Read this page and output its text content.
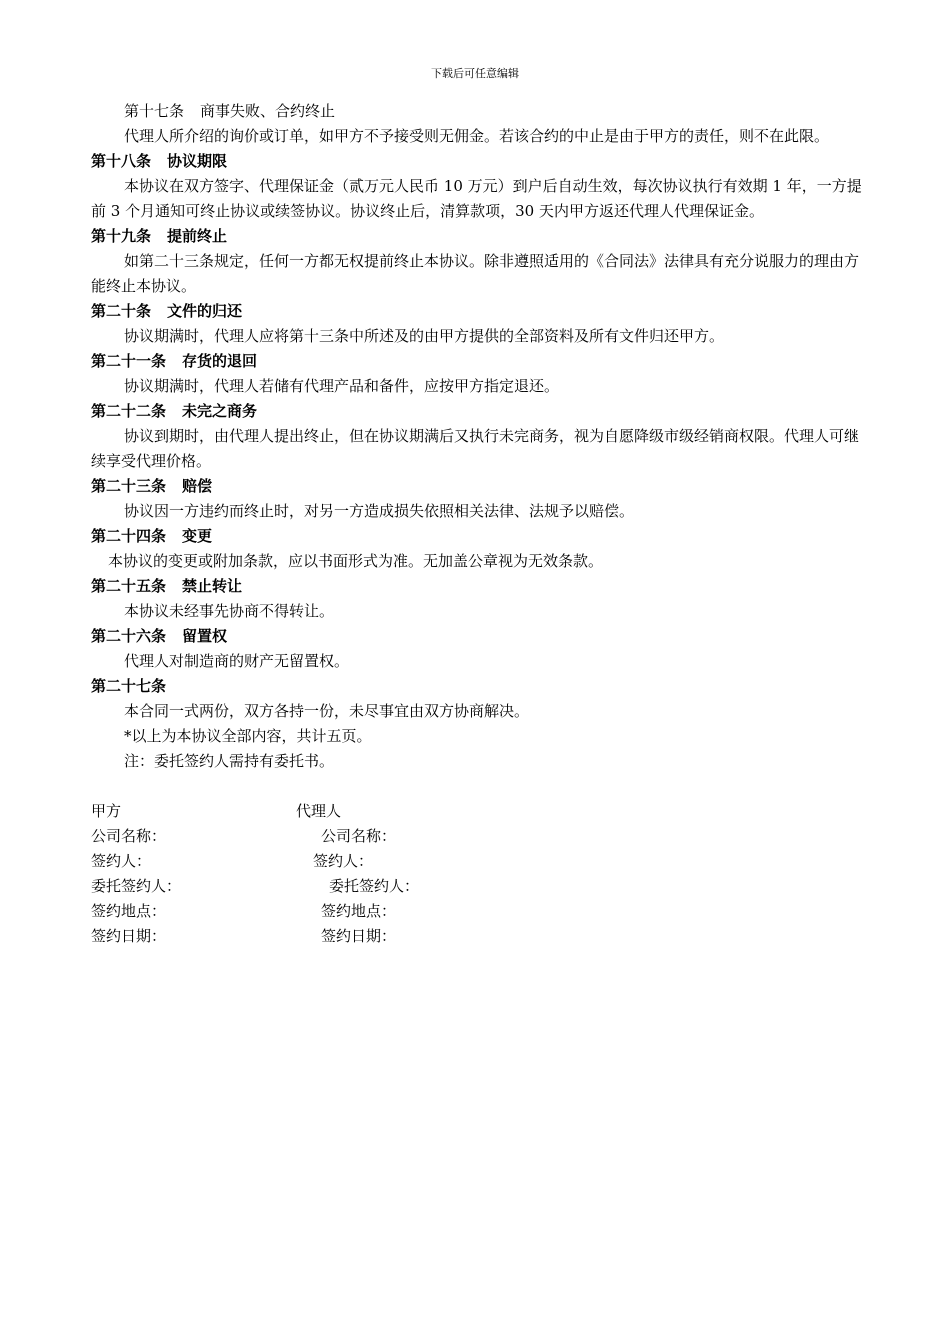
下载后可任意编辑

第十七条 商事失败、合约终止

代理人所介绍的询价或订单，如甲方不予接受则无佣金。若该合约的中止是由于甲方的责任，则不在此限。

第十八条 协议期限

本协议在双方签字、代理保证金（贰万元人民币 10 万元）到户后自动生效，每次协议执行有效期 1 年，一方提前 3 个月通知可终止协议或续签协议。协议终止后，清算款项，30 天内甲方返还代理人代理保证金。

第十九条 提前终止

如第二十三条规定，任何一方都无权提前终止本协议。除非遵照适用的《合同法》法律具有充分说服力的理由方能终止本协议。

第二十条 文件的归还

协议期满时，代理人应将第十三条中所述及的由甲方提供的全部资料及所有文件归还甲方。

第二十一条 存货的退回

协议期满时，代理人若储有代理产品和备件，应按甲方指定退还。

第二十二条 未完之商务

协议到期时，由代理人提出终止，但在协议期满后又执行未完商务，视为自愿降级市级经销商权限。代理人可继续享受代理价格。

第二十三条 赔偿

协议因一方违约而终止时，对另一方造成损失依照相关法律、法规予以赔偿。

第二十四条 变更

本协议的变更或附加条款，应以书面形式为准。无加盖公章视为无效条款。

第二十五条 禁止转让

本协议未经事先协商不得转让。

第二十六条 留置权

代理人对制造商的财产无留置权。

第二十七条

本合同一式两份，双方各持一份，未尽事宜由双方协商解决。

*以上为本协议全部内容，共计五页。

注：委托签约人需持有委托书。

甲方	代理人
公司名称：	公司名称：
签约人：	签约人：
委托签约人：	委托签约人：
签约地点：	签约地点：
签约日期：	签约日期：
